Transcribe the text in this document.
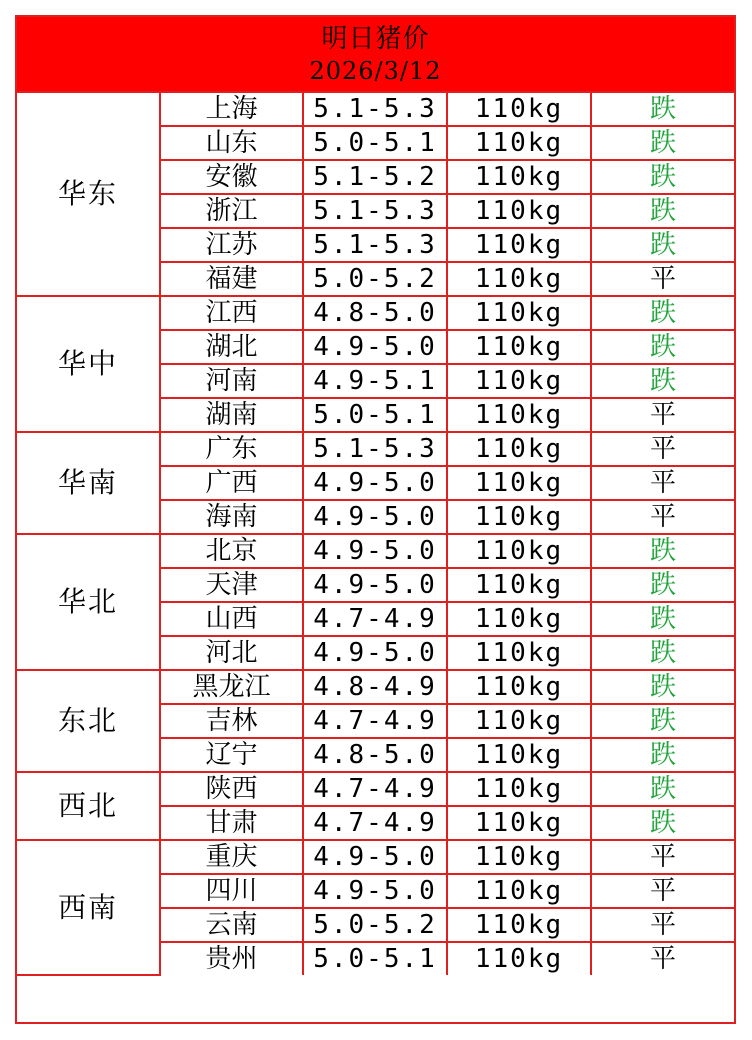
明日猪价
2026/3/12
华东	上海	5.1-5.3	110kg	跌
	山东	5.0-5.1	110kg	跌
	安徽	5.1-5.2	110kg	跌
	浙江	5.1-5.3	110kg	跌
	江苏	5.1-5.3	110kg	跌
	福建	5.0-5.2	110kg	平
华中	江西	4.8-5.0	110kg	跌
	湖北	4.9-5.0	110kg	跌
	河南	4.9-5.1	110kg	跌
	湖南	5.0-5.1	110kg	平
华南	广东	5.1-5.3	110kg	平
	广西	4.9-5.0	110kg	平
	海南	4.9-5.0	110kg	平
华北	北京	4.9-5.0	110kg	跌
	天津	4.9-5.0	110kg	跌
	山西	4.7-4.9	110kg	跌
	河北	4.9-5.0	110kg	跌
东北	黑龙江	4.8-4.9	110kg	跌
	吉林	4.7-4.9	110kg	跌
	辽宁	4.8-5.0	110kg	跌
西北	陕西	4.7-4.9	110kg	跌
	甘肃	4.7-4.9	110kg	跌
西南	重庆	4.9-5.0	110kg	平
	四川	4.9-5.0	110kg	平
	云南	5.0-5.2	110kg	平
	贵州	5.0-5.1	110kg	平
